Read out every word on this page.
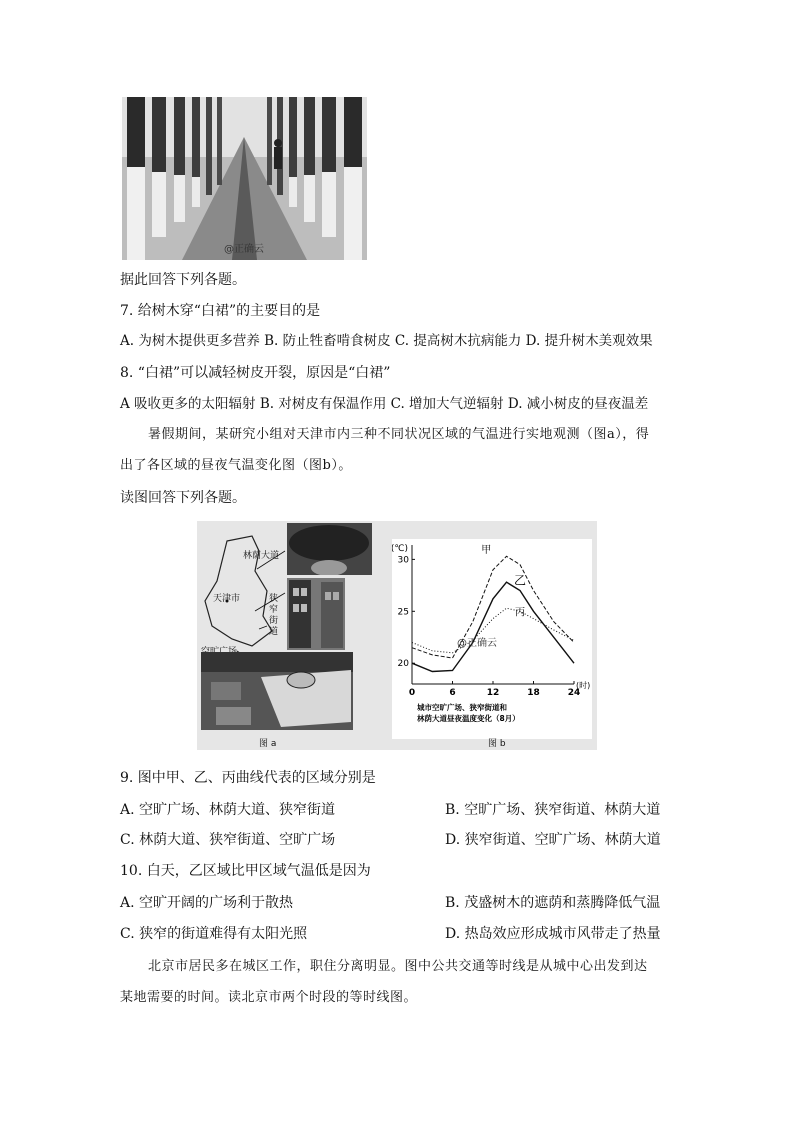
@正确云
据此回答下列各题。
7. 给树木穿“白裙”的主要目的是
A. 为树木提供更多营养 B. 防止牲畜啃食树皮 C. 提高树木抗病能力 D. 提升树木美观效果
8. “白裙”可以减轻树皮开裂，原因是“白裙”
A 吸收更多的太阳辐射 B. 对树皮有保温作用 C. 增加大气逆辐射 D. 减小树皮的昼夜温差
暑假期间，某研究小组对天津市内三种不同状况区域的气温进行实地观测（图a），得
出了各区域的昼夜气温变化图（图b）。
读图回答下列各题。
林荫大道
天津市	狭
窄
街
道
图 a
(℃)
(时)
20
25
30
0	6	12	18	24
甲
乙
丙
城市空旷广场、狭窄街道和
林荫大道昼夜温度变化（8月）
图 b
@正确云
9. 图中甲、乙、丙曲线代表的区域分别是
A. 空旷广场、林荫大道、狭窄街道	B. 空旷广场、狭窄街道、林荫大道
C. 林荫大道、狭窄街道、空旷广场	D. 狭窄街道、空旷广场、林荫大道
10. 白天，乙区域比甲区域气温低是因为
A. 空旷开阔的广场利于散热	B. 茂盛树木的遮荫和蒸腾降低气温
C. 狭窄的街道难得有太阳光照	D. 热岛效应形成城市风带走了热量
北京市居民多在城区工作，职住分离明显。图中公共交通等时线是从城中心出发到达
某地需要的时间。读北京市两个时段的等时线图。
